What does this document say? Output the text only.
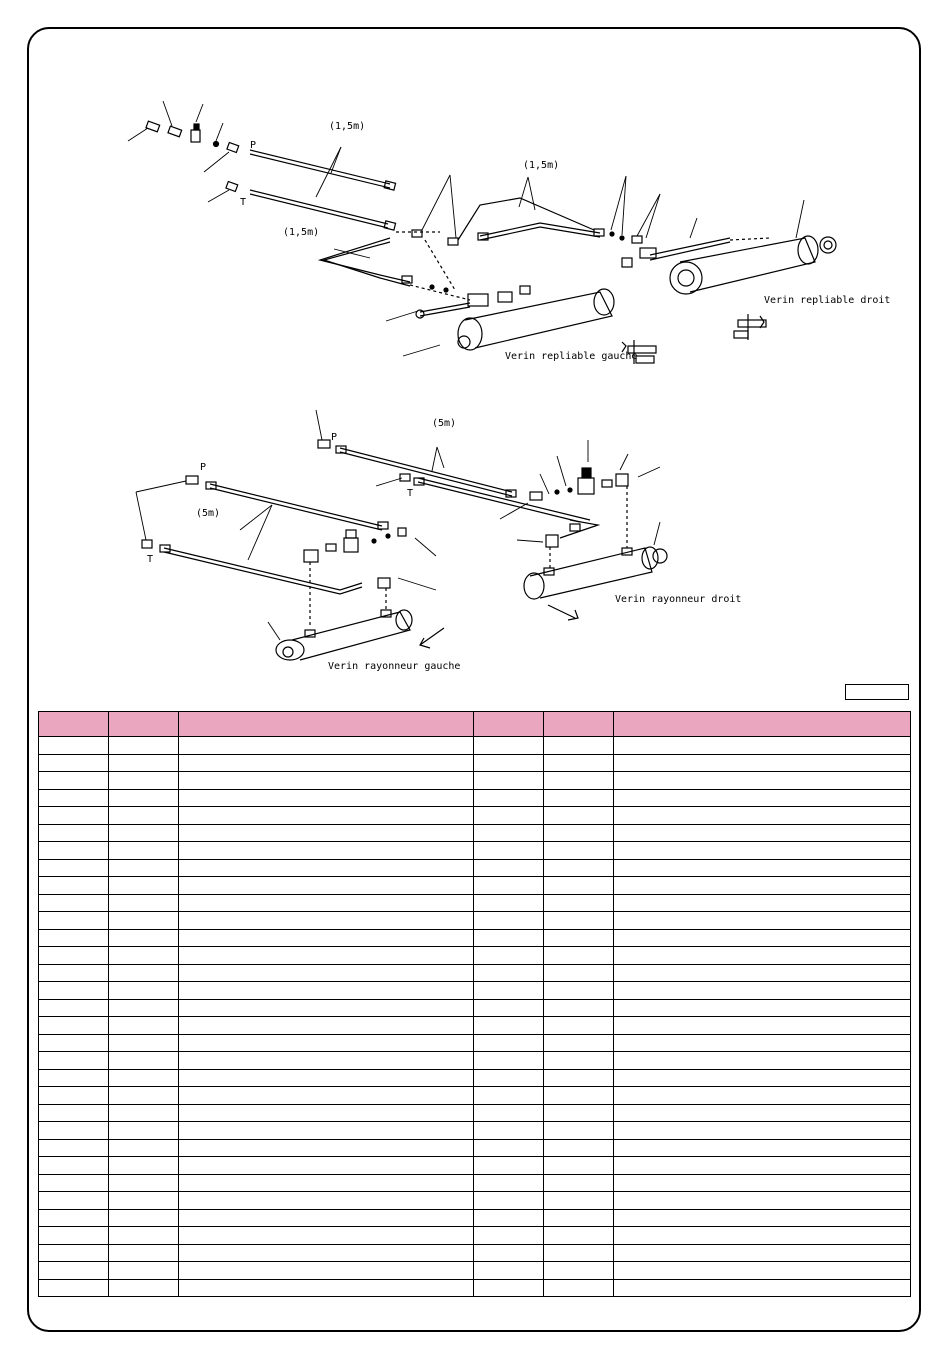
(1,5m)
(1,5m)
(1,5m)
P
T
Verin repliable droit
Verin repliable gauche
(5m)
(5m)
P
T
P
T
Verin rayonneur droit
Verin rayonneur gauche
